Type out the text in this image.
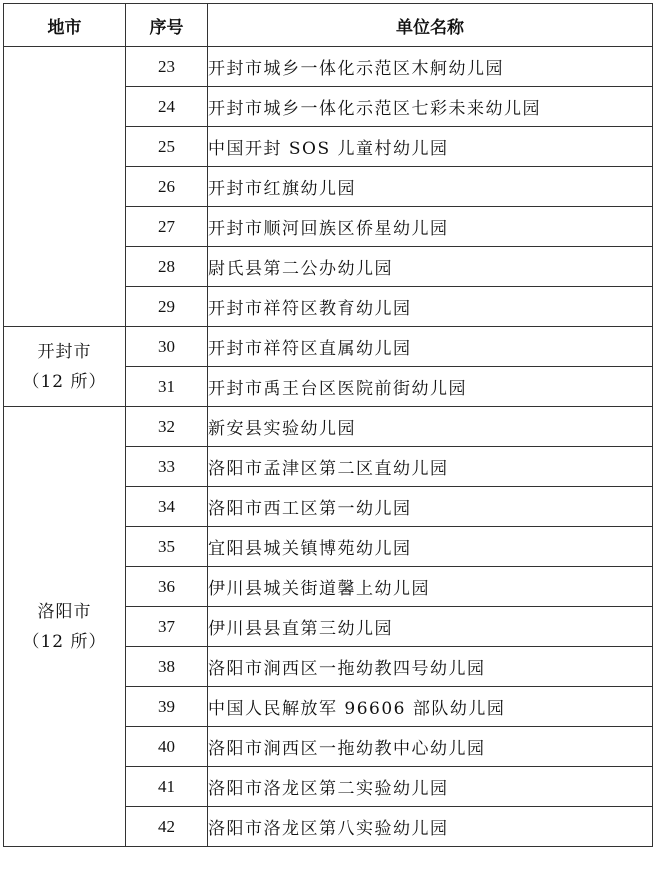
地市	序号	单位名称

	23	开封市城乡一体化示范区木舸幼儿园
	24	开封市城乡一体化示范区七彩未来幼儿园
	25	中国开封 SOS 儿童村幼儿园
	26	开封市红旗幼儿园
	27	开封市顺河回族区侨星幼儿园
	28	尉氏县第二公办幼儿园
	29	开封市祥符区教育幼儿园

开封市
（12 所）	30	开封市祥符区直属幼儿园
	31	开封市禹王台区医院前街幼儿园

洛阳市
（12 所）	32	新安县实验幼儿园
	33	洛阳市孟津区第二区直幼儿园
	34	洛阳市西工区第一幼儿园
	35	宜阳县城关镇博苑幼儿园
	36	伊川县城关街道馨上幼儿园
	37	伊川县县直第三幼儿园
	38	洛阳市涧西区一拖幼教四号幼儿园
	39	中国人民解放军 96606 部队幼儿园
	40	洛阳市涧西区一拖幼教中心幼儿园
	41	洛阳市洛龙区第二实验幼儿园
	42	洛阳市洛龙区第八实验幼儿园
